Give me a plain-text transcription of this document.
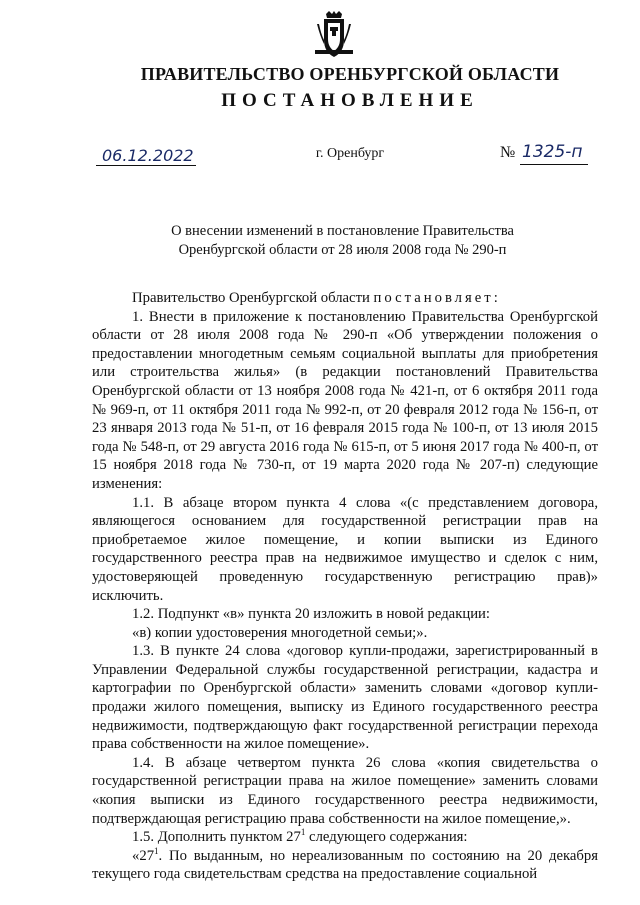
ПРАВИТЕЛЬСТВО ОРЕНБУРГСКОЙ ОБЛАСТИ
ПОСТАНОВЛЕНИЕ
06.12.2022	г. Оренбург	№ 1325-п
О внесении изменений в постановление Правительства
Оренбургской области от 28 июля 2008 года № 290-п

Правительство Оренбургской области постановляет:

1. Внести в приложение к постановлению Правительства Оренбургской области от 28 июля 2008 года № 290-п «Об утверждении положения о предоставлении многодетным семьям социальной выплаты для приобретения или строительства жилья» (в редакции постановлений Правительства Оренбургской области от 13 ноября 2008 года № 421-п, от 6 октября 2011 года № 969-п, от 11 октября 2011 года № 992-п, от 20 февраля 2012 года № 156-п, от 23 января 2013 года № 51-п, от 16 февраля 2015 года № 100-п, от 13 июля 2015 года № 548-п, от 29 августа 2016 года № 615-п, от 5 июня 2017 года № 400-п, от 15 ноября 2018 года № 730-п, от 19 марта 2020 года № 207-п) следующие изменения:

1.1. В абзаце втором пункта 4 слова «(с представлением договора, являющегося основанием для государственной регистрации прав на приобретаемое жилое помещение, и копии выписки из Единого государственного реестра прав на недвижимое имущество и сделок с ним, удостоверяющей проведенную государственную регистрацию прав)» исключить.

1.2. Подпункт «в» пункта 20 изложить в новой редакции:

«в) копии удостоверения многодетной семьи;».

1.3. В пункте 24 слова «договор купли-продажи, зарегистрированный в Управлении Федеральной службы государственной регистрации, кадастра и картографии по Оренбургской области» заменить словами «договор купли-продажи жилого помещения, выписку из Единого государственного реестра недвижимости, подтверждающую факт государственной регистрации перехода права собственности на жилое помещение».

1.4. В абзаце четвертом пункта 26 слова «копия свидетельства о государственной регистрации права на жилое помещение» заменить словами «копия выписки из Единого государственного реестра недвижимости, подтверждающая регистрацию права собственности на жилое помещение,».

1.5. Дополнить пунктом $27^1$ следующего содержания:

«$27^1$. По выданным, но нереализованным по состоянию на 20 декабря текущего года свидетельствам средства на предоставление социальной
